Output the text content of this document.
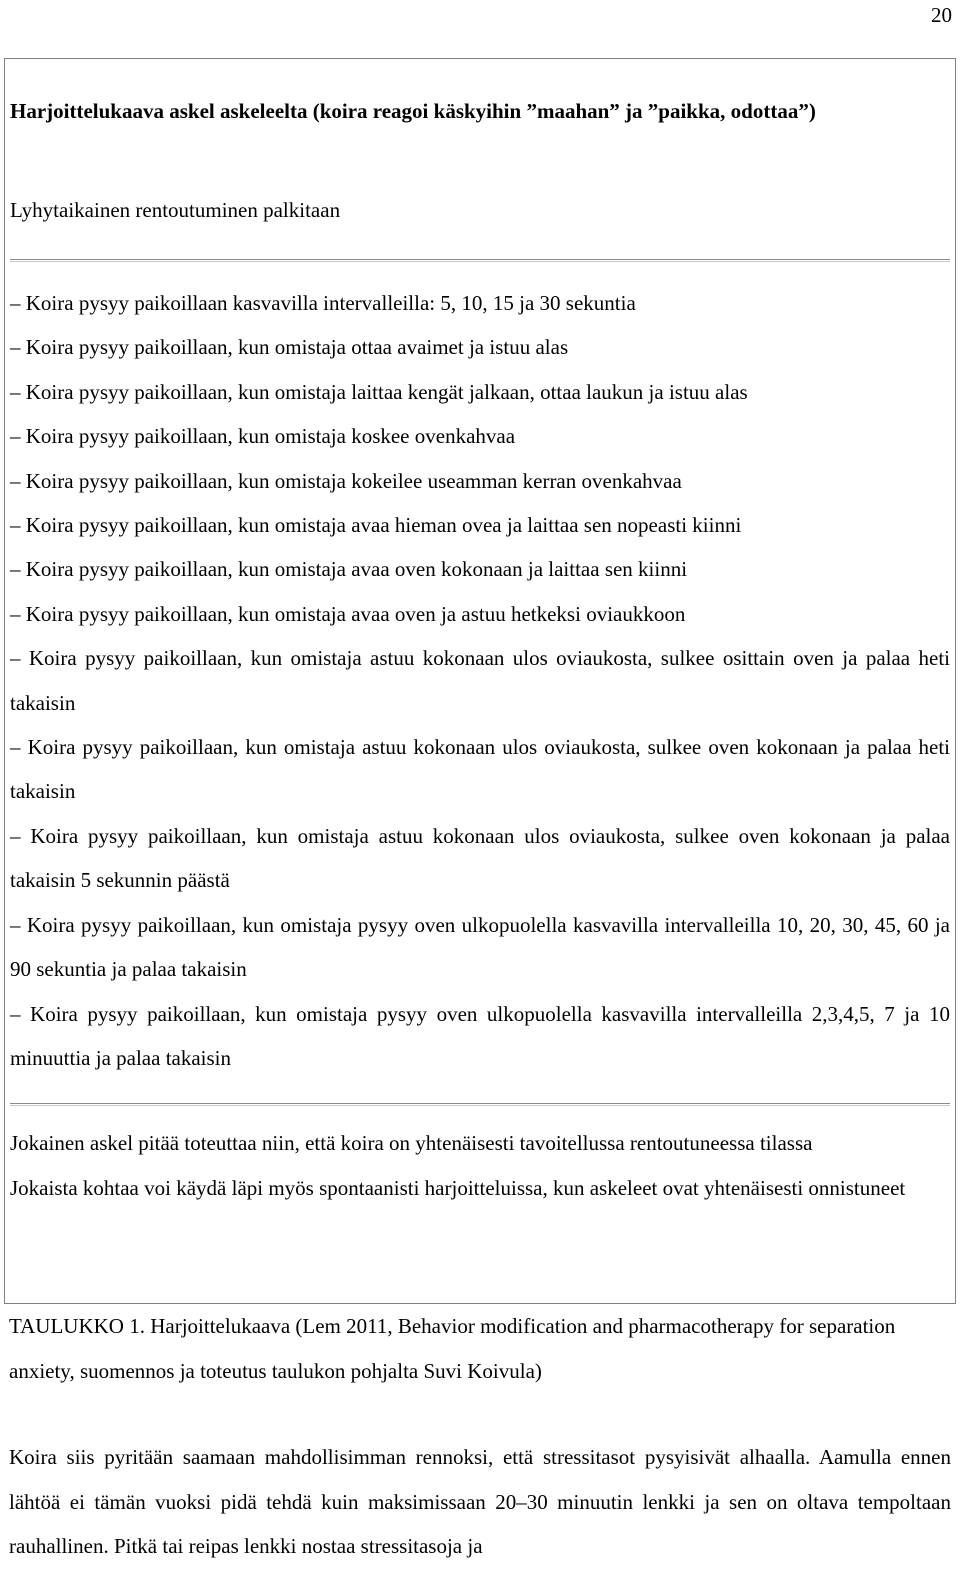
20
Harjoittelukaava askel askeleelta (koira reagoi käskyihin ”maahan” ja ”paikka, odottaa”)
Lyhytaikainen rentoutuminen palkitaan
– Koira pysyy paikoillaan kasvavilla intervalleilla: 5, 10, 15 ja 30 sekuntia
– Koira pysyy paikoillaan, kun omistaja ottaa avaimet ja istuu alas
– Koira pysyy paikoillaan, kun omistaja laittaa kengät jalkaan, ottaa laukun ja istuu alas
– Koira pysyy paikoillaan, kun omistaja koskee ovenkahvaa
– Koira pysyy paikoillaan, kun omistaja kokeilee useamman kerran ovenkahvaa
– Koira pysyy paikoillaan, kun omistaja avaa hieman ovea ja laittaa sen nopeasti kiinni
– Koira pysyy paikoillaan, kun omistaja avaa oven kokonaan ja laittaa sen kiinni
– Koira pysyy paikoillaan, kun omistaja avaa oven ja astuu hetkeksi oviaukkoon
– Koira pysyy paikoillaan, kun omistaja astuu kokonaan ulos oviaukosta, sulkee osittain oven ja palaa heti takaisin
– Koira pysyy paikoillaan, kun omistaja astuu kokonaan ulos oviaukosta, sulkee oven kokonaan ja palaa heti takaisin
– Koira pysyy paikoillaan, kun omistaja astuu kokonaan ulos oviaukosta, sulkee oven kokonaan ja palaa takaisin 5 sekunnin päästä
– Koira pysyy paikoillaan, kun omistaja pysyy oven ulkopuolella kasvavilla intervalleilla 10, 20, 30, 45, 60 ja 90 sekuntia ja palaa takaisin
– Koira pysyy paikoillaan, kun omistaja pysyy oven ulkopuolella kasvavilla intervalleilla 2,3,4,5, 7 ja 10 minuuttia ja palaa takaisin
Jokainen askel pitää toteuttaa niin, että koira on yhtenäisesti tavoitellussa rentoutuneessa tilassa
Jokaista kohtaa voi käydä läpi myös spontaanisti harjoitteluissa, kun askeleet ovat yhtenäisesti onnistuneet
TAULUKKO 1. Harjoittelukaava (Lem 2011, Behavior modification and pharmacotherapy for separation anxiety, suomennos ja toteutus taulukon pohjalta Suvi Koivula)
Koira siis pyritään saamaan mahdollisimman rennoksi, että stressitasot pysyisivät alhaalla. Aamulla ennen lähtöä ei tämän vuoksi pidä tehdä kuin maksimissaan 20–30 minuutin lenkki ja sen on oltava tempoltaan rauhallinen. Pitkä tai reipas lenkki nostaa stressitasoja ja
